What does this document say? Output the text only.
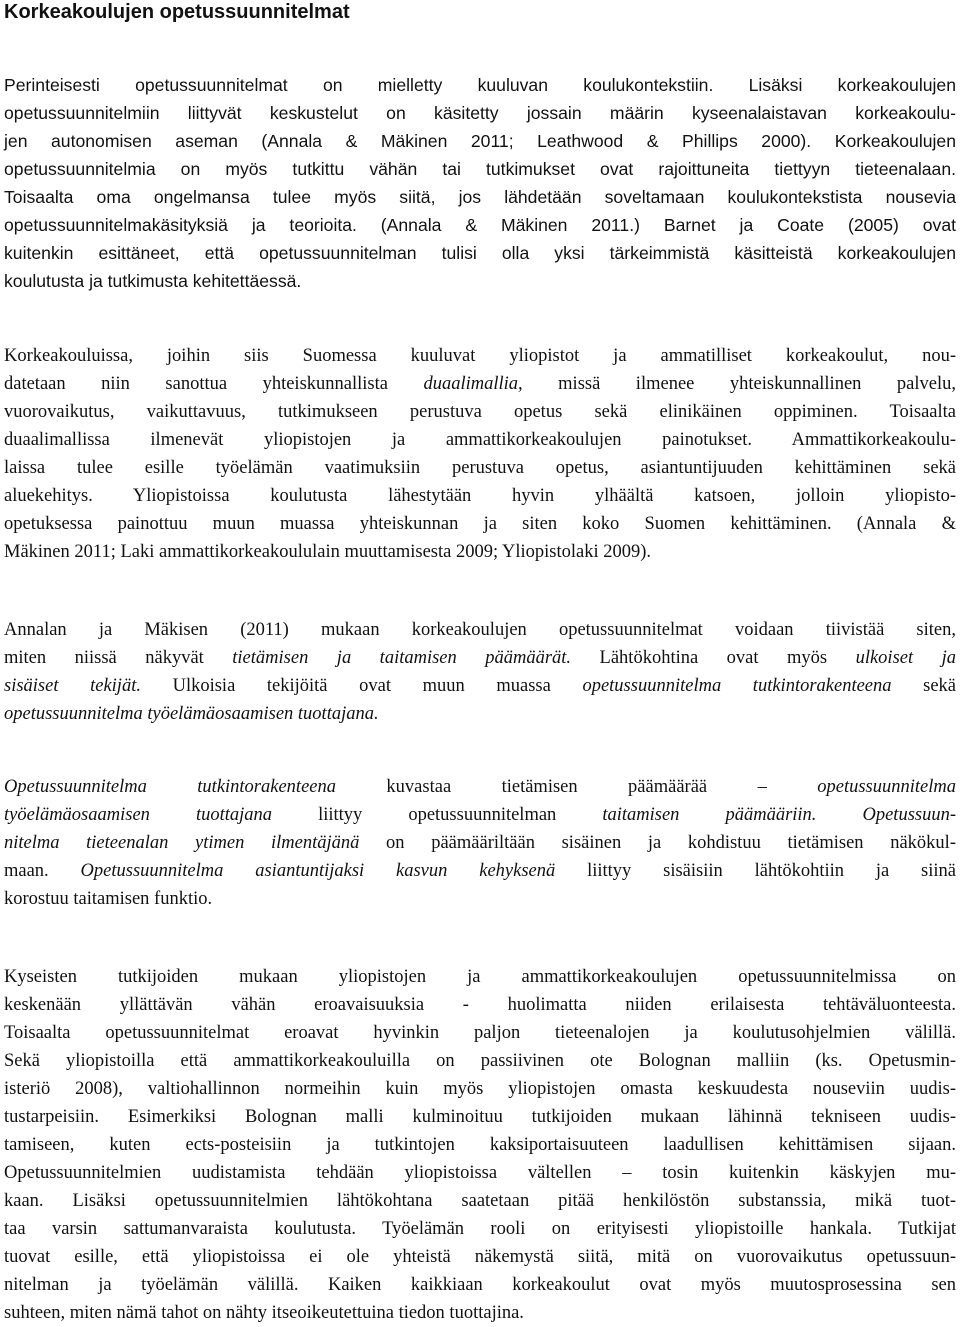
Korkeakoulujen opetussuunnitelmat
Perinteisesti opetussuunnitelmat on mielletty kuuluvan koulukontekstiin. Lisäksi korkeakoulujen
opetussuunnitelmiin liittyvät keskustelut on käsitetty jossain määrin kyseenalaistavan korkeakoulu-
jen autonomisen aseman (Annala & Mäkinen 2011; Leathwood & Phillips 2000). Korkeakoulujen
opetussuunnitelmia on myös tutkittu vähän tai tutkimukset ovat rajoittuneita tiettyyn tieteenalaan.
Toisaalta oma ongelmansa tulee myös siitä, jos lähdetään soveltamaan koulukontekstista nousevia
opetussuunnitelmakäsityksiä ja teorioita. (Annala & Mäkinen 2011.) Barnet ja Coate (2005) ovat
kuitenkin esittäneet, että opetussuunnitelman tulisi olla yksi tärkeimmistä käsitteistä korkeakoulujen
koulutusta ja tutkimusta kehitettäessä.
Korkeakouluissa, joihin siis Suomessa kuuluvat yliopistot ja ammatilliset korkeakoulut, nou-
datetaan niin sanottua yhteiskunnallista duaalimallia, missä ilmenee yhteiskunnallinen palvelu,
vuorovaikutus, vaikuttavuus, tutkimukseen perustuva opetus sekä elinikäinen oppiminen. Toisaalta
duaalimallissa ilmenevät yliopistojen ja ammattikorkeakoulujen painotukset. Ammattikorkeakoulu-
laissa tulee esille työelämän vaatimuksiin perustuva opetus, asiantuntijuuden kehittäminen sekä
aluekehitys. Yliopistoissa koulutusta lähestytään hyvin ylhäältä katsoen, jolloin yliopisto-
opetuksessa painottuu muun muassa yhteiskunnan ja siten koko Suomen kehittäminen. (Annala &
Mäkinen 2011; Laki ammattikorkeakoululain muuttamisesta 2009; Yliopistolaki 2009).
Annalan ja Mäkisen (2011) mukaan korkeakoulujen opetussuunnitelmat voidaan tiivistää siten,
miten niissä näkyvät tietämisen ja taitamisen päämäärät. Lähtökohtina ovat myös ulkoiset ja
sisäiset tekijät. Ulkoisia tekijöitä ovat muun muassa opetussuunnitelma tutkintorakenteena sekä
opetussuunnitelma työelämäosaamisen tuottajana.
Opetussuunnitelma tutkintorakenteena kuvastaa tietämisen päämäärää – opetussuunnitelma
työelämäosaamisen tuottajana liittyy opetussuunnitelman taitamisen päämääriin. Opetussuun-
nitelma tieteenalan ytimen ilmentäjänä on päämääriltään sisäinen ja kohdistuu tietämisen näkökul-
maan. Opetussuunnitelma asiantuntijaksi kasvun kehyksenä liittyy sisäisiin lähtökohtiin ja siinä
korostuu taitamisen funktio.
Kyseisten tutkijoiden mukaan yliopistojen ja ammattikorkeakoulujen opetussuunnitelmissa on
keskenään yllättävän vähän eroavaisuuksia - huolimatta niiden erilaisesta tehtäväluonteesta.
Toisaalta opetussuunnitelmat eroavat hyvinkin paljon tieteenalojen ja koulutusohjelmien välillä.
Sekä yliopistoilla että ammattikorkeakouluilla on passiivinen ote Bolognan malliin (ks. Opetusmin-
isteriö 2008), valtiohallinnon normeihin kuin myös yliopistojen omasta keskuudesta nouseviin uudis-
tustarpeisiin. Esimerkiksi Bolognan malli kulminoituu tutkijoiden mukaan lähinnä tekniseen uudis-
tamiseen, kuten ects-posteisiin ja tutkintojen kaksiportaisuuteen laadullisen kehittämisen sijaan.
Opetussuunnitelmien uudistamista tehdään yliopistoissa vältellen – tosin kuitenkin käskyjen mu-
kaan. Lisäksi opetussuunnitelmien lähtökohtana saatetaan pitää henkilöstön substanssia, mikä tuot-
taa varsin sattumanvaraista koulutusta. Työelämän rooli on erityisesti yliopistoille hankala. Tutkijat
tuovat esille, että yliopistoissa ei ole yhteistä näkemystä siitä, mitä on vuorovaikutus opetussuun-
nitelman ja työelämän välillä. Kaiken kaikkiaan korkeakoulut ovat myös muutosprosessina sen
suhteen, miten nämä tahot on nähty itseoikeutettuina tiedon tuottajina.
